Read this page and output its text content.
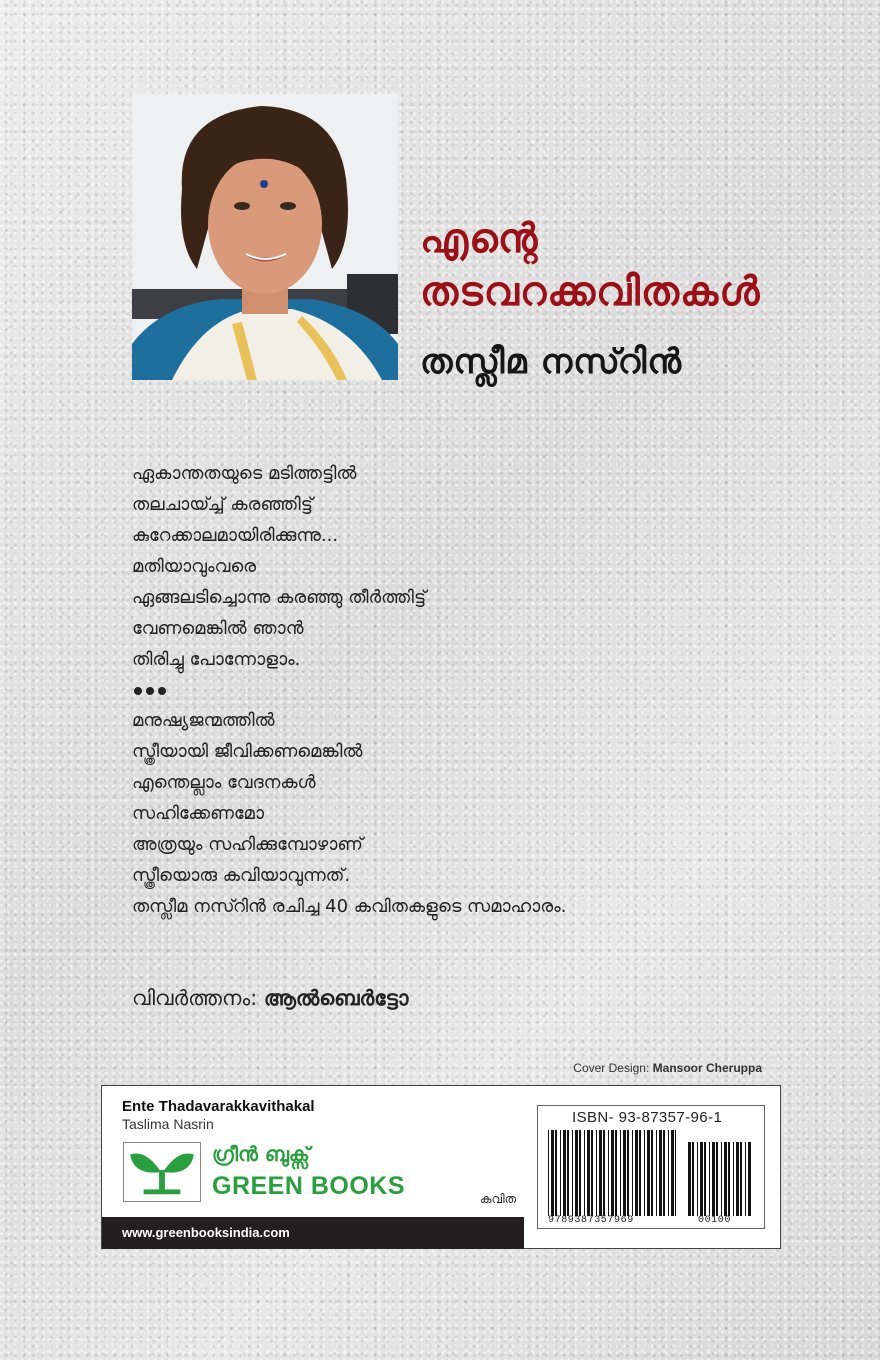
എന്റെ
തടവറക്കവിതകൾ
തസ്ലീമ നസ്റിൻ
ഏകാന്തതയുടെ മടിത്തട്ടിൽ
തലചായ്ച്ച് കരഞ്ഞിട്ട്
കുറേക്കാലമായിരിക്കുന്നു...
മതിയാവുംവരെ
ഏങ്ങലടിച്ചൊന്നു കരഞ്ഞു തീർത്തിട്ട്
വേണമെങ്കിൽ ഞാൻ
തിരിച്ചു പോന്നോളാം.
മനുഷ്യജന്മത്തിൽ
സ്ത്രീയായി ജീവിക്കണമെങ്കിൽ
എന്തെല്ലാം വേദനകൾ
സഹിക്കേണമോ
അത്രയും സഹിക്കുമ്പോഴാണ്
സ്ത്രീയൊരു കവിയാവുന്നത്.
തസ്ലീമ നസ്റിൻ രചിച്ച 40 കവിതകളുടെ സമാഹാരം.
വിവർത്തനം: ആൽബെർട്ടോ
Cover Design: Mansoor Cheruppa
Ente Thadavarakkavithakal
Taslima Nasrin
ഗ്രീൻ ബുക്സ്
GREEN BOOKS	കവിത
www.greenbooksindia.com
ISBN- 93-87357-96-1
9789387357969	00100
